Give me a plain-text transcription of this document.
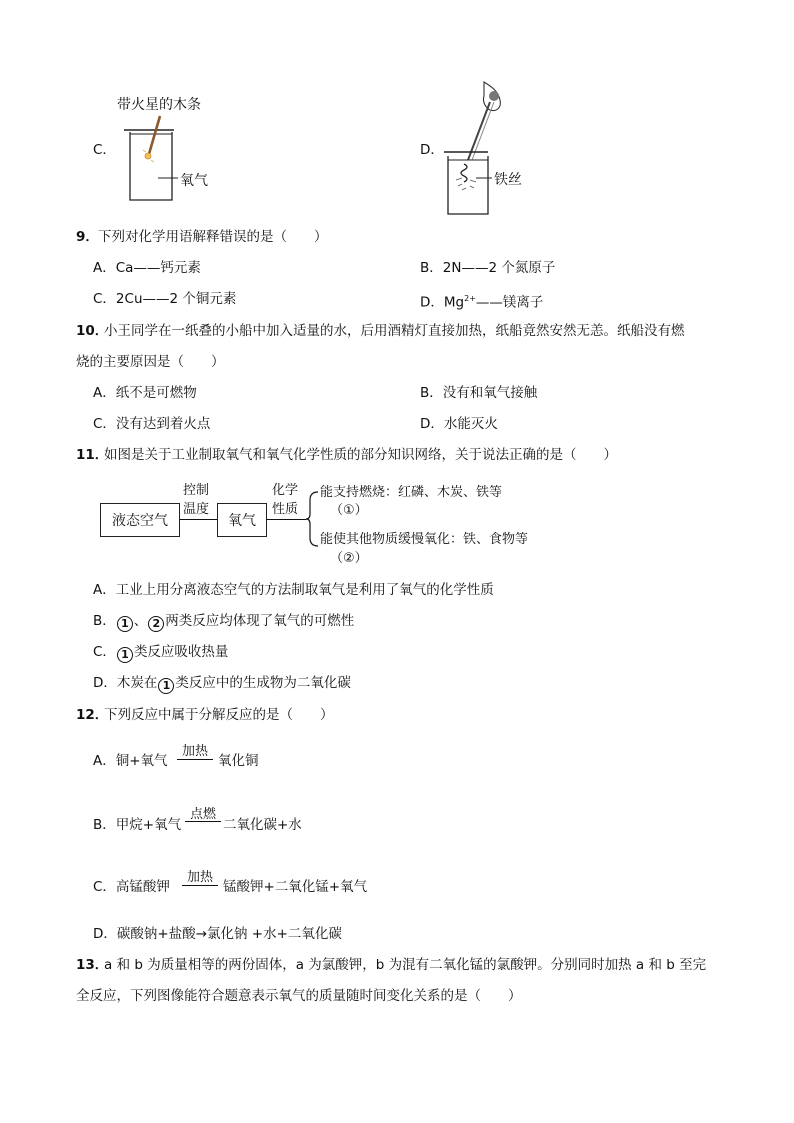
C．
带火星的木条
氧气
D．
铁丝
9． 下列对化学用语解释错误的是（　　）
A．Ca——钙元素	B．2N——2 个氮原子
C．2Cu——2 个铜元素	D．$Mg^{2+}——$镁离子
10．
小王同学在一纸叠的小船中加入适量的水，后用酒精灯直接加热，纸船竟然安然无恙。纸船没有燃
烧的主要原因是（　　）
A．纸不是可燃物	B．没有和氧气接触
C．没有达到着火点	D．水能灭火
11．
如图是关于工业制取氧气和氧气化学性质的部分知识网络，关于说法正确的是（　　）
液态空气
控制
温度
氧气
化学
性质
能支持燃烧：红磷、木炭、铁等
（①）
能使其他物质缓慢氧化：铁、食物等
（②）
A．工业上用分离液态空气的方法制取氧气是利用了氧气的化学性质
B． 1 、 2 两类反应均体现了氧气的可燃性
C． 1 类反应吸收热量
D．木炭在 1 类反应中的生成物为二氧化碳
12．
下列反应中属于分解反应的是（　　）
A．铜+氧气
加热
氧化铜
B．甲烷+氧气
点燃
二氧化碳+水
C．高锰酸钾
加热
锰酸钾+二氧化锰+氧气
D．碳酸钠+盐酸→氯化钠 +水+二氧化碳
13．
a 和 b 为质量相等的两份固体，a 为氯酸钾，b 为混有二氧化锰的氯酸钾。分别同时加热 a 和 b 至完
全反应，下列图像能符合题意表示氧气的质量随时间变化关系的是（　　）
